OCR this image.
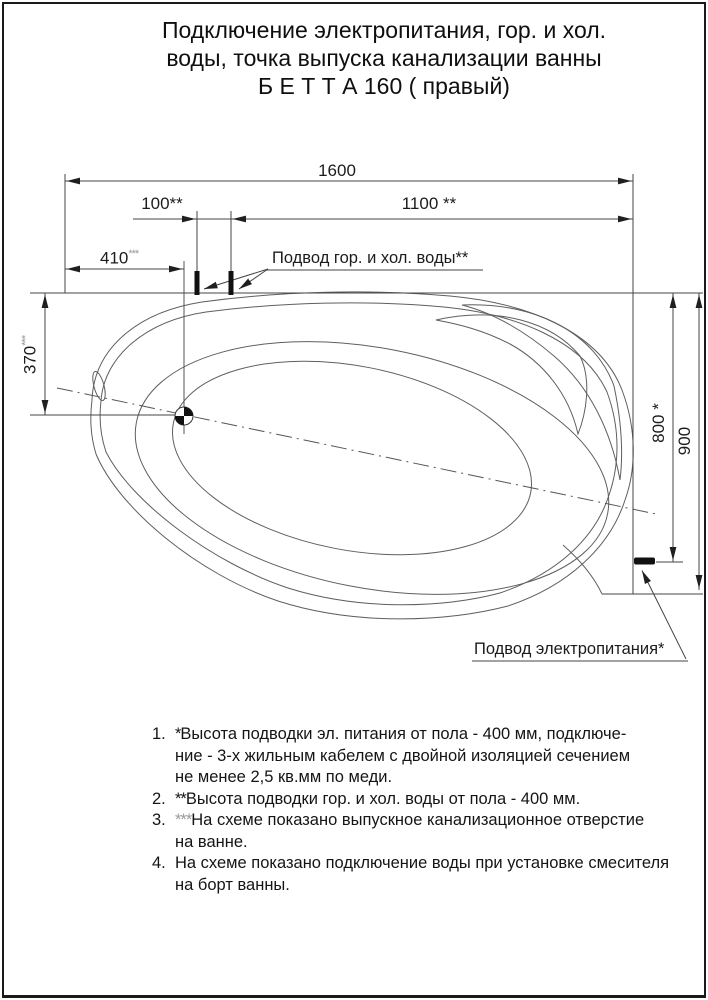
Подключение электропитания, гор. и хол.
воды, точка выпуска канализации ванны
Б Е Т Т А 160 ( правый)
1600
100**	1100 **
410***
370***
800 * 900
Подвод гор. и хол. воды**
Подвод электропитания*
1. *Высота подводки эл. питания от пола - 400 мм, подключе-
ние - 3-х жильным кабелем с двойной изоляцией сечением
не менее 2,5 кв.мм по меди.
2. **Высота подводки гор. и хол. воды от пола - 400 мм.
3. ***На схеме показано выпускное канализационное отверстие
на ванне.
4. На схеме показано подключение воды при установке смесителя
на борт ванны.
